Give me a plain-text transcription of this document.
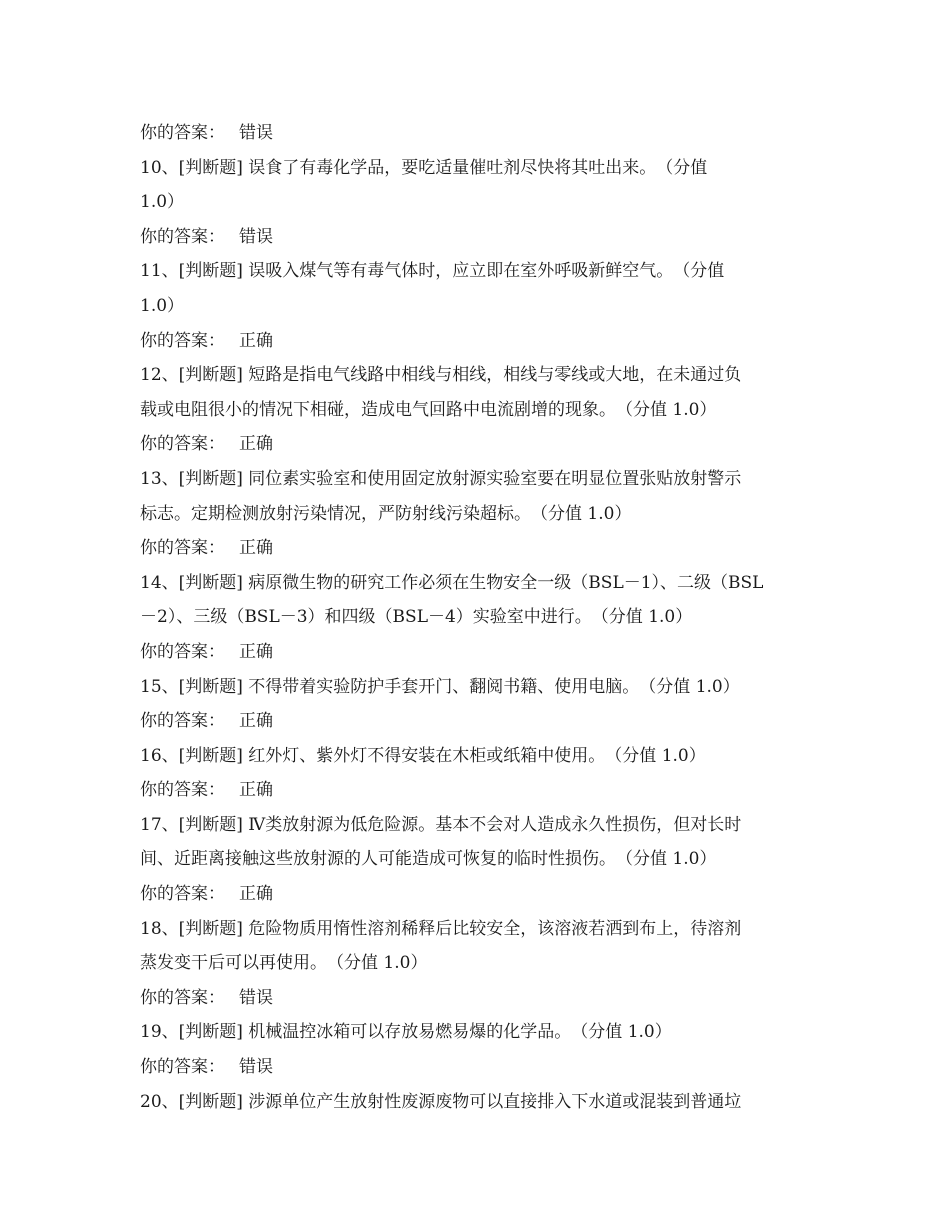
你的答案： 错误
10、[判断题] 误食了有毒化学品，要吃适量催吐剂尽快将其吐出来。　（分值
1.0）
你的答案： 错误
11、[判断题] 误吸入煤气等有毒气体时，应立即在室外呼吸新鲜空气。　（分值
1.0）
你的答案： 正确
12、[判断题] 短路是指电气线路中相线与相线，相线与零线或大地，在未通过负
载或电阻很小的情况下相碰，造成电气回路中电流剧增的现象。　（分值 1.0）
你的答案： 正确
13、[判断题] 同位素实验室和使用固定放射源实验室要在明显位置张贴放射警示
标志。定期检测放射污染情况，严防射线污染超标。　（分值 1.0）
你的答案： 正确
14、[判断题] 病原微生物的研究工作必须在生物安全一级（BSL－1）、二级（BSL
－2）、三级（BSL－3）和四级（BSL－4）实验室中进行。　（分值 1.0）
你的答案： 正确
15、[判断题] 不得带着实验防护手套开门、翻阅书籍、使用电脑。　（分值 1.0）
你的答案： 正确
16、[判断题] 红外灯、紫外灯不得安装在木柜或纸箱中使用。　（分值 1.0）
你的答案： 正确
17、[判断题] Ⅳ类放射源为低危险源。基本不会对人造成永久性损伤，但对长时
间、近距离接触这些放射源的人可能造成可恢复的临时性损伤。　（分值 1.0）
你的答案： 正确
18、[判断题] 危险物质用惰性溶剂稀释后比较安全，该溶液若洒到布上，待溶剂
蒸发变干后可以再使用。　（分值 1.0）
你的答案： 错误
19、[判断题] 机械温控冰箱可以存放易燃易爆的化学品。　（分值 1.0）
你的答案： 错误
20、[判断题] 涉源单位产生放射性废源废物可以直接排入下水道或混装到普通垃
